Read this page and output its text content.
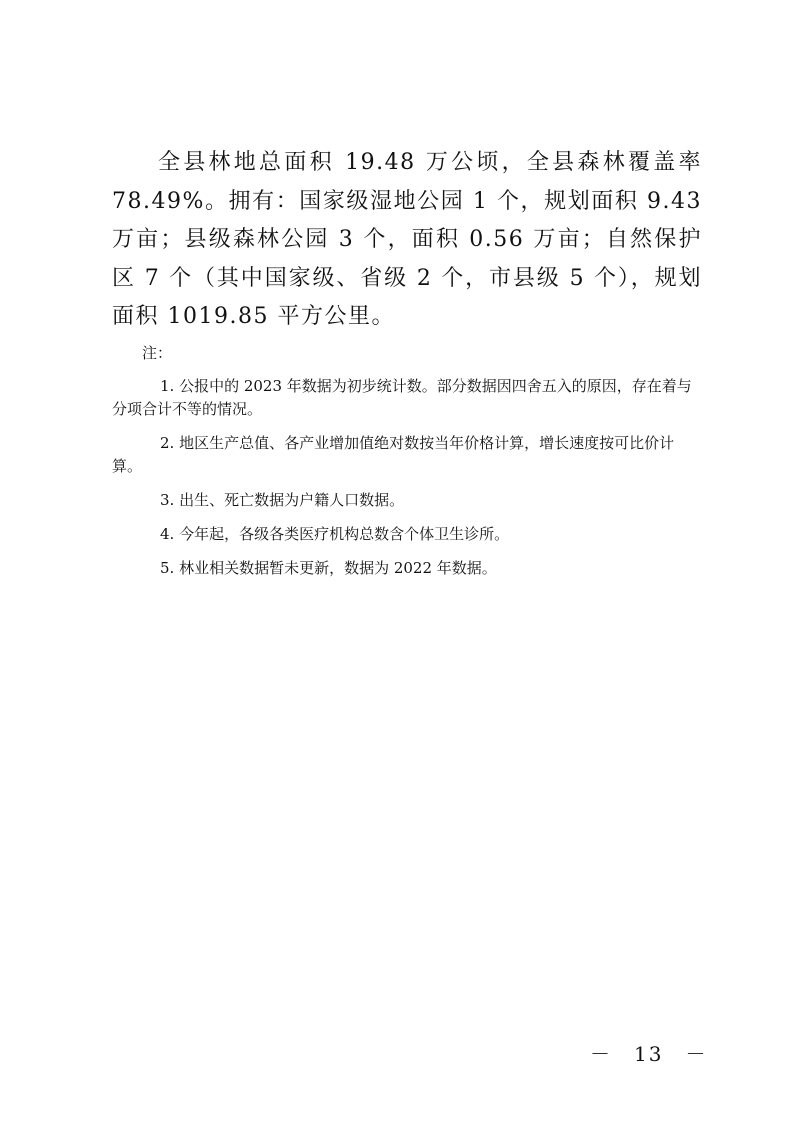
全县林地总面积 19.48 万公顷，全县森林覆盖率 78.49%。拥有：国家级湿地公园 1 个，规划面积 9.43 万亩；县级森林公园 3 个，面积 0.56 万亩；自然保护区 7 个（其中国家级、省级 2 个，市县级 5 个），规划面积 1019.85 平方公里。

注：

1. 公报中的 2023 年数据为初步统计数。部分数据因四舍五入的原因，存在着与分项合计不等的情况。

2. 地区生产总值、各产业增加值绝对数按当年价格计算，增长速度按可比价计算。

3. 出生、死亡数据为户籍人口数据。

4. 今年起，各级各类医疗机构总数含个体卫生诊所。

5. 林业相关数据暂未更新，数据为 2022 年数据。

－　13　－
